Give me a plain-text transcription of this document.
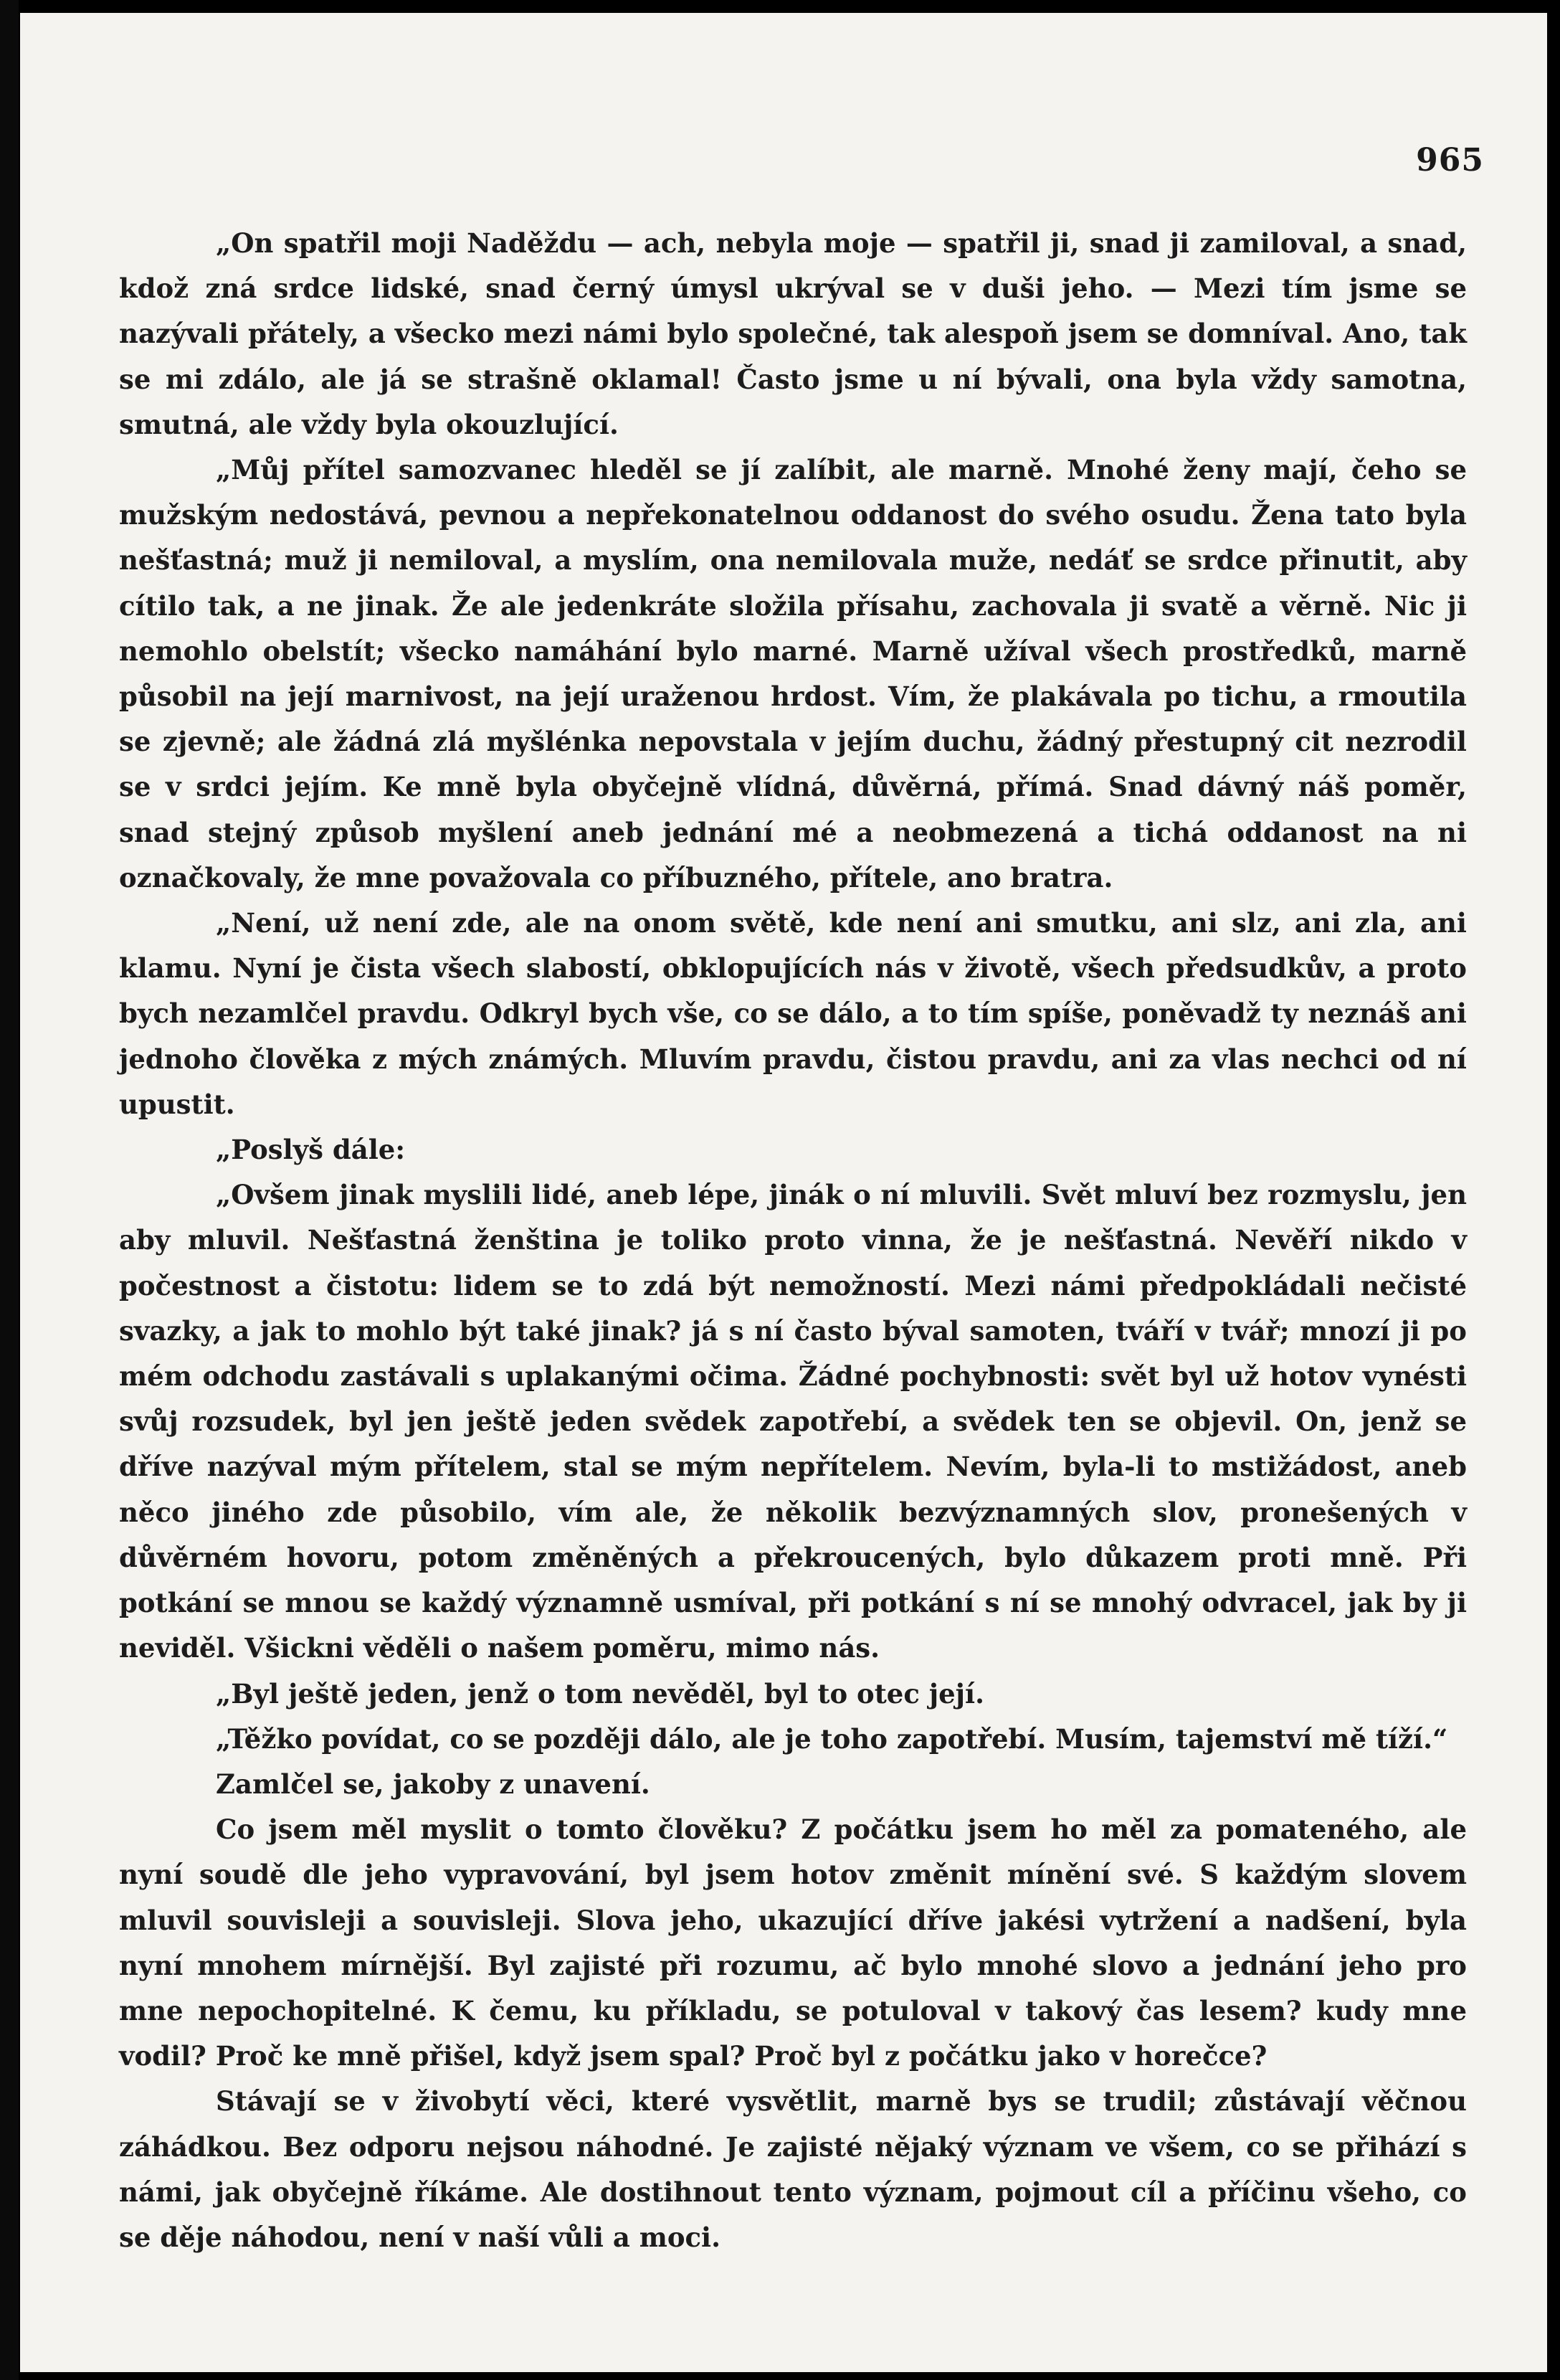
965

„On spatřil moji Naděždu — ach, nebyla moje — spatřil ji, snad ji zamiloval, a snad, kdož zná srdce lidské, snad černý úmysl ukrýval se v duši jeho. — Mezi tím jsme se nazývali přátely, a všecko mezi námi bylo společné, tak alespoň jsem se domníval. Ano, tak se mi zdálo, ale já se strašně oklamal! Často jsme u ní bývali, ona byla vždy samotna, smutná, ale vždy byla okouzlující.

„Můj přítel samozvanec hleděl se jí zalíbit, ale marně. Mnohé ženy mají, čeho se mužským nedostává, pevnou a nepřekonatelnou oddanost do svého osudu. Žena tato byla nešťastná; muž ji nemiloval, a myslím, ona nemilovala muže, nedáť se srdce přinutit, aby cítilo tak, a ne jinak. Že ale jedenkráte složila přísahu, zachovala ji svatě a věrně. Nic ji nemohlo obelstít; všecko namáhání bylo marné. Marně užíval všech prostředků, marně působil na její marnivost, na její uraženou hrdost. Vím, že plakávala po tichu, a rmoutila se zjevně; ale žádná zlá myšlénka nepovstala v jejím duchu, žádný přestupný cit nezrodil se v srdci jejím. Ke mně byla obyčejně vlídná, důvěrná, přímá. Snad dávný náš poměr, snad stejný způsob myšlení aneb jednání mé a neobmezená a tichá oddanost na ni označkovaly, že mne považovala co příbuzného, přítele, ano bratra.

„Není, už není zde, ale na onom světě, kde není ani smutku, ani slz, ani zla, ani klamu. Nyní je čista všech slabostí, obklopujících nás v životě, všech předsudkův, a proto bych nezamlčel pravdu. Odkryl bych vše, co se dálo, a to tím spíše, poněvadž ty neznáš ani jednoho člověka z mých známých. Mluvím pravdu, čistou pravdu, ani za vlas nechci od ní upustit.

„Poslyš dále:

„Ovšem jinak myslili lidé, aneb lépe, jinák o ní mluvili. Svět mluví bez rozmyslu, jen aby mluvil. Nešťastná ženština je toliko proto vinna, že je nešťastná. Nevěří nikdo v počestnost a čistotu: lidem se to zdá být nemožností. Mezi námi předpokládali nečisté svazky, a jak to mohlo být také jinak? já s ní často býval samoten, tváří v tvář; mnozí ji po mém odchodu zastávali s uplakanými očima. Žádné pochybnosti: svět byl už hotov vynésti svůj rozsudek, byl jen ještě jeden svědek zapotřebí, a svědek ten se objevil. On, jenž se dříve nazýval mým přítelem, stal se mým nepřítelem. Nevím, byla-li to mstižádost, aneb něco jiného zde působilo, vím ale, že několik bezvýznamných slov, pronešených v důvěrném hovoru, potom změněných a překroucených, bylo důkazem proti mně. Při potkání se mnou se každý významně usmíval, při potkání s ní se mnohý odvracel, jak by ji neviděl. Všickni věděli o našem poměru, mimo nás.

„Byl ještě jeden, jenž o tom nevěděl, byl to otec její.

„Těžko povídat, co se později dálo, ale je toho zapotřebí. Musím, tajemství mě tíží.“

Zamlčel se, jakoby z unavení.

Co jsem měl myslit o tomto člověku? Z počátku jsem ho měl za pomateného, ale nyní soudě dle jeho vypravování, byl jsem hotov změnit mínění své. S každým slovem mluvil souvisleji a souvisleji. Slova jeho, ukazující dříve jakési vytržení a nadšení, byla nyní mnohem mírnější. Byl zajisté při rozumu, ač bylo mnohé slovo a jednání jeho pro mne nepochopitelné. K čemu, ku příkladu, se potuloval v takový čas lesem? kudy mne vodil? Proč ke mně přišel, když jsem spal? Proč byl z počátku jako v horečce?

Stávají se v živobytí věci, které vysvětlit, marně bys se trudil; zůstávají věčnou záhádkou. Bez odporu nejsou náhodné. Je zajisté nějaký význam ve všem, co se přihází s námi, jak obyčejně říkáme. Ale dostihnout tento význam, pojmout cíl a příčinu všeho, co se děje náhodou, není v naší vůli a moci.
